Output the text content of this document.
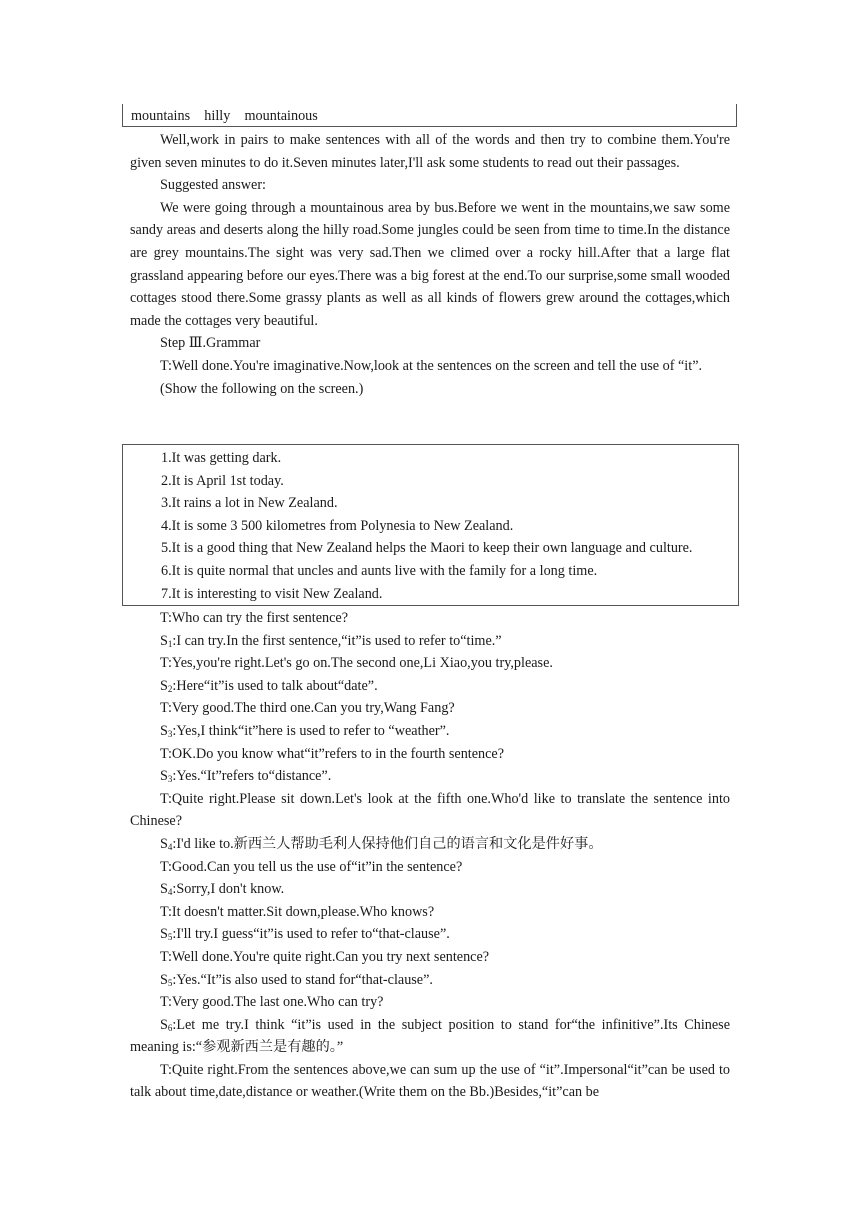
mountains    hilly    mountainous

Well,work in pairs to make sentences with all of the words and then try to combine them.You're given seven minutes to do it.Seven minutes later,I'll ask some students to read out their passages.

Suggested answer:

We were going through a mountainous area by bus.Before we went in the mountains,we saw some sandy areas and deserts along the hilly road.Some jungles could be seen from time to time.In the distance are grey mountains.The sight was very sad.Then we climed over a rocky hill.After that a large flat grassland appearing before our eyes.There was a big forest at the end.To our surprise,some small wooded cottages stood there.Some grassy plants as well as all kinds of flowers grew around the cottages,which made the cottages very beautiful.

Step Ⅲ.Grammar

T:Well done.You're imaginative.Now,look at the sentences on the screen and tell the use of “it”.

(Show the following on the screen.)

1.It was getting dark.

2.It is April 1st today.

3.It rains a lot in New Zealand.

4.It is some 3 500 kilometres from Polynesia to New Zealand.

5.It is a good thing that New Zealand helps the Maori to keep their own language and culture.

6.It is quite normal that uncles and aunts live with the family for a long time.

7.It is interesting to visit New Zealand.

T:Who can try the first sentence?

$S_1:I$ can try.In the first sentence,“it”is used to refer to“time.”

T:Yes,you're right.Let's go on.The second one,Li Xiao,you try,please.

$S_2:Here“it”is$ used to talk about“date”.

T:Very good.The third one.Can you try,Wang Fang?

$S_3:Yes,I$ think“it”here is used to refer to “weather”.

T:OK.Do you know what“it”refers to in the fourth sentence?

$S_3:Yes.“It”refers$ to“distance”.

T:Quite right.Please sit down.Let's look at the fifth one.Who'd like to translate the sentence into Chinese?

$S_4:I'd$ like to.新西兰人帮助毛利人保持他们自己的语言和文化是件好事。

T:Good.Can you tell us the use of“it”in the sentence?

$S_4:Sorry,I$ don't know.

T:It doesn't matter.Sit down,please.Who knows?

$S_5:I'll$ try.I guess“it”is used to refer to“that-clause”.

T:Well done.You're quite right.Can you try next sentence?

$S_5:Yes.“It”is$ also used to stand for“that-clause”.

T:Very good.The last one.Who can try?

$S_6:Let$ me try.I think “it”is used in the subject position to stand for“the infinitive”.Its Chinese meaning is:“参观新西兰是有趣的。”

T:Quite right.From the sentences above,we can sum up the use of “it”.Impersonal“it”can be used to talk about time,date,distance or weather.(Write them on the Bb.)Besides,“it”can be
